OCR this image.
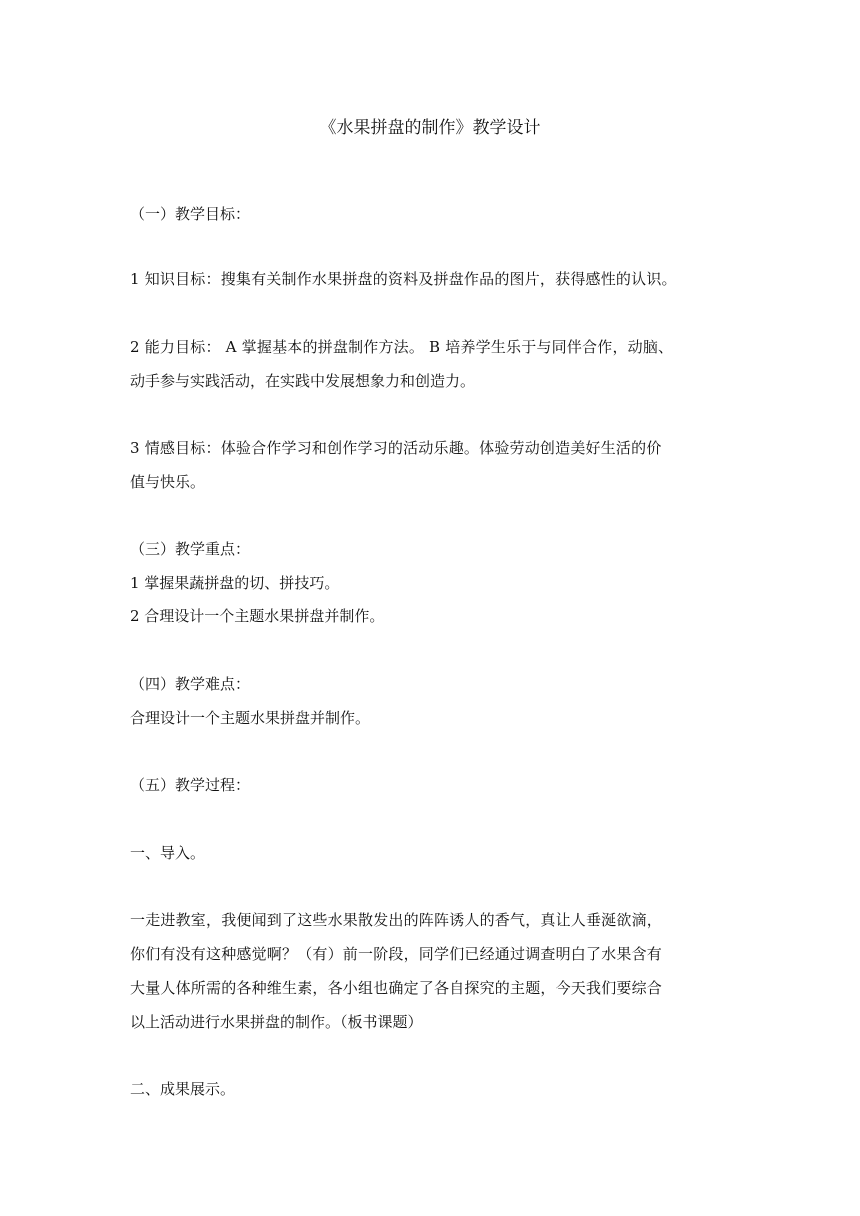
《水果拼盘的制作》教学设计
（一）教学目标：
1 知识目标：搜集有关制作水果拼盘的资料及拼盘作品的图片，获得感性的认识。
2 能力目标： A 掌握基本的拼盘制作方法。 B 培养学生乐于与同伴合作，动脑、
动手参与实践活动，在实践中发展想象力和创造力。
3 情感目标：体验合作学习和创作学习的活动乐趣。体验劳动创造美好生活的价
值与快乐。
（三）教学重点：
1 掌握果蔬拼盘的切、拼技巧。
2 合理设计一个主题水果拼盘并制作。
（四）教学难点：
合理设计一个主题水果拼盘并制作。
（五）教学过程：
一、导入。
一走进教室，我便闻到了这些水果散发出的阵阵诱人的香气，真让人垂涎欲滴，
你们有没有这种感觉啊？（有）前一阶段，同学们已经通过调查明白了水果含有
大量人体所需的各种维生素，各小组也确定了各自探究的主题，今天我们要综合
以上活动进行水果拼盘的制作。（板书课题）
二、成果展示。
